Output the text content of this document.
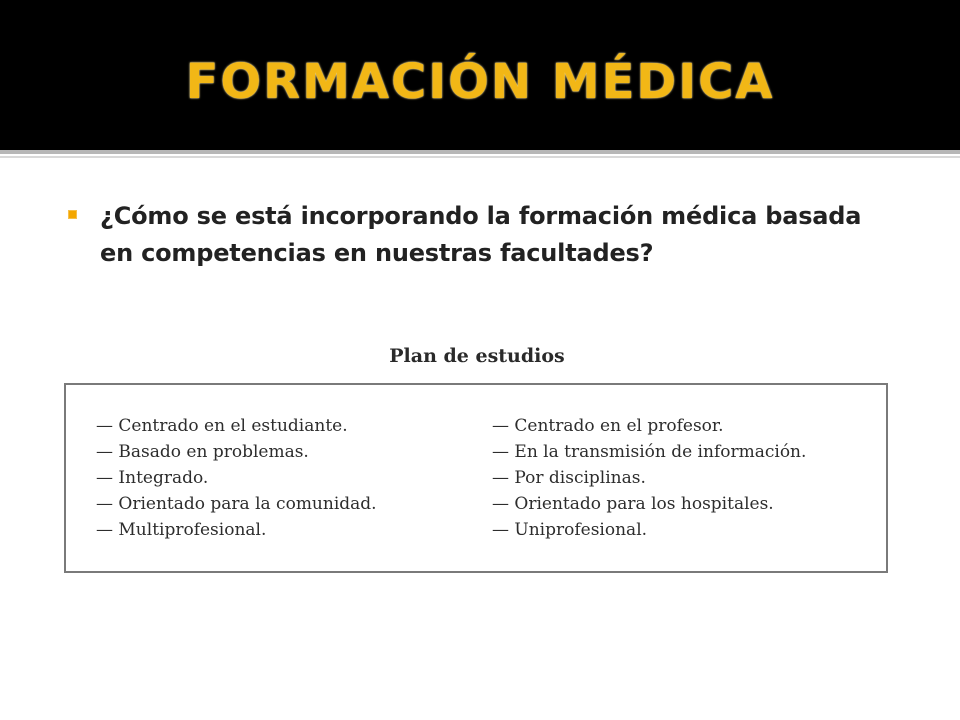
FORMACIÓN MÉDICA
¿Cómo se está incorporando la formación médica basada en competencias en nuestras facultades?
Plan de estudios
— Centrado en el estudiante.
— Basado en problemas.
— Integrado.
— Orientado para la comunidad.
— Multiprofesional.
— Centrado en el profesor.
— En la transmisión de información.
— Por disciplinas.
— Orientado para los hospitales.
— Uniprofesional.
